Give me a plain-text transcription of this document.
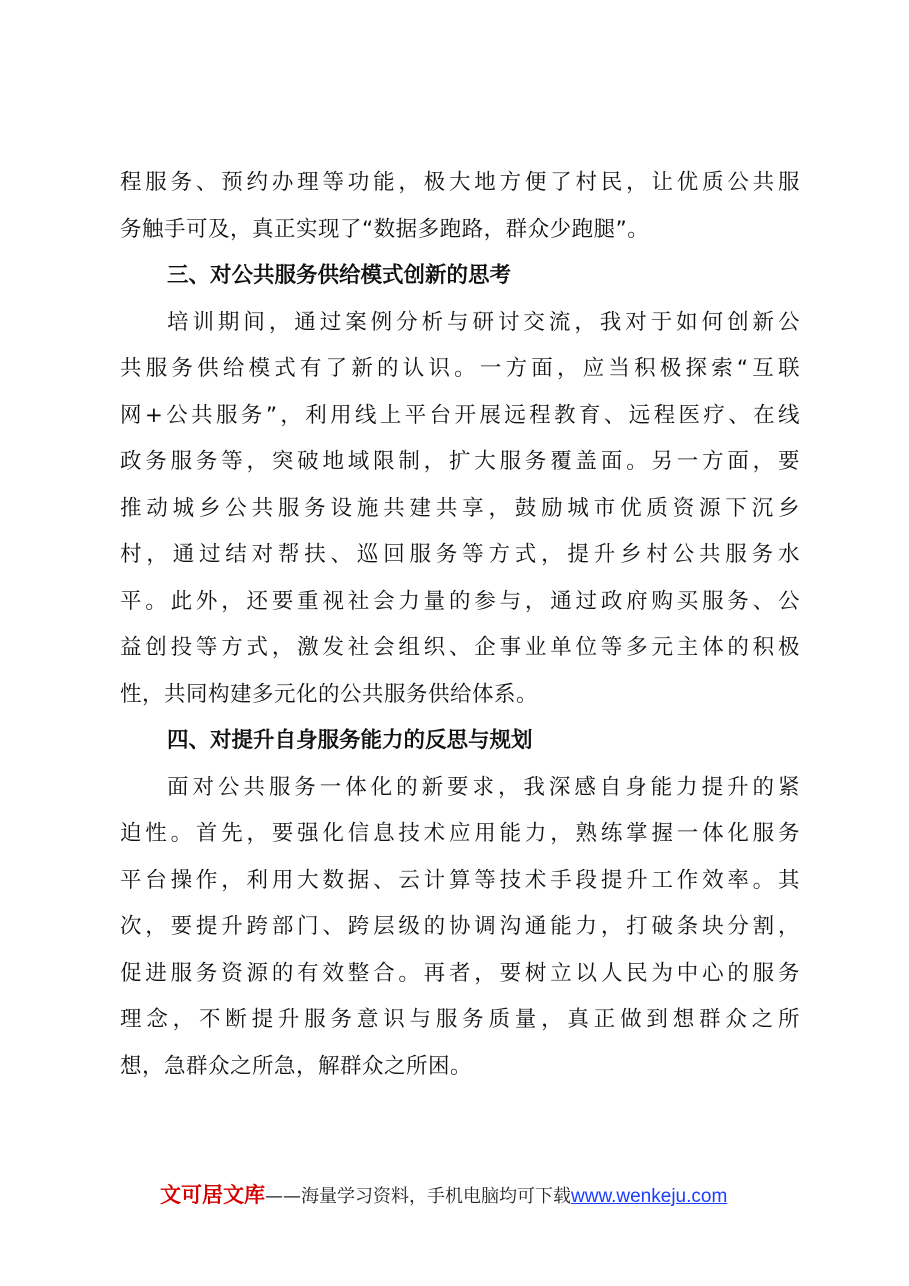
程服务、预约办理等功能，极大地方便了村民，让优质公共服
务触手可及，真正实现了“数据多跑路，群众少跑腿”。
三、对公共服务供给模式创新的思考
培训期间，通过案例分析与研讨交流，我对于如何创新公
共服务供给模式有了新的认识。一方面，应当积极探索“互联
网+公共服务”，利用线上平台开展远程教育、远程医疗、在线
政务服务等，突破地域限制，扩大服务覆盖面。另一方面，要
推动城乡公共服务设施共建共享，鼓励城市优质资源下沉乡
村，通过结对帮扶、巡回服务等方式，提升乡村公共服务水
平。此外，还要重视社会力量的参与，通过政府购买服务、公
益创投等方式，激发社会组织、企事业单位等多元主体的积极
性，共同构建多元化的公共服务供给体系。
四、对提升自身服务能力的反思与规划
面对公共服务一体化的新要求，我深感自身能力提升的紧
迫性。首先，要强化信息技术应用能力，熟练掌握一体化服务
平台操作，利用大数据、云计算等技术手段提升工作效率。其
次，要提升跨部门、跨层级的协调沟通能力，打破条块分割，
促进服务资源的有效整合。再者，要树立以人民为中心的服务
理念，不断提升服务意识与服务质量，真正做到想群众之所
想，急群众之所急，解群众之所困。
文可居文库——海量学习资料，手机电脑均可下载www.wenkeju.com
